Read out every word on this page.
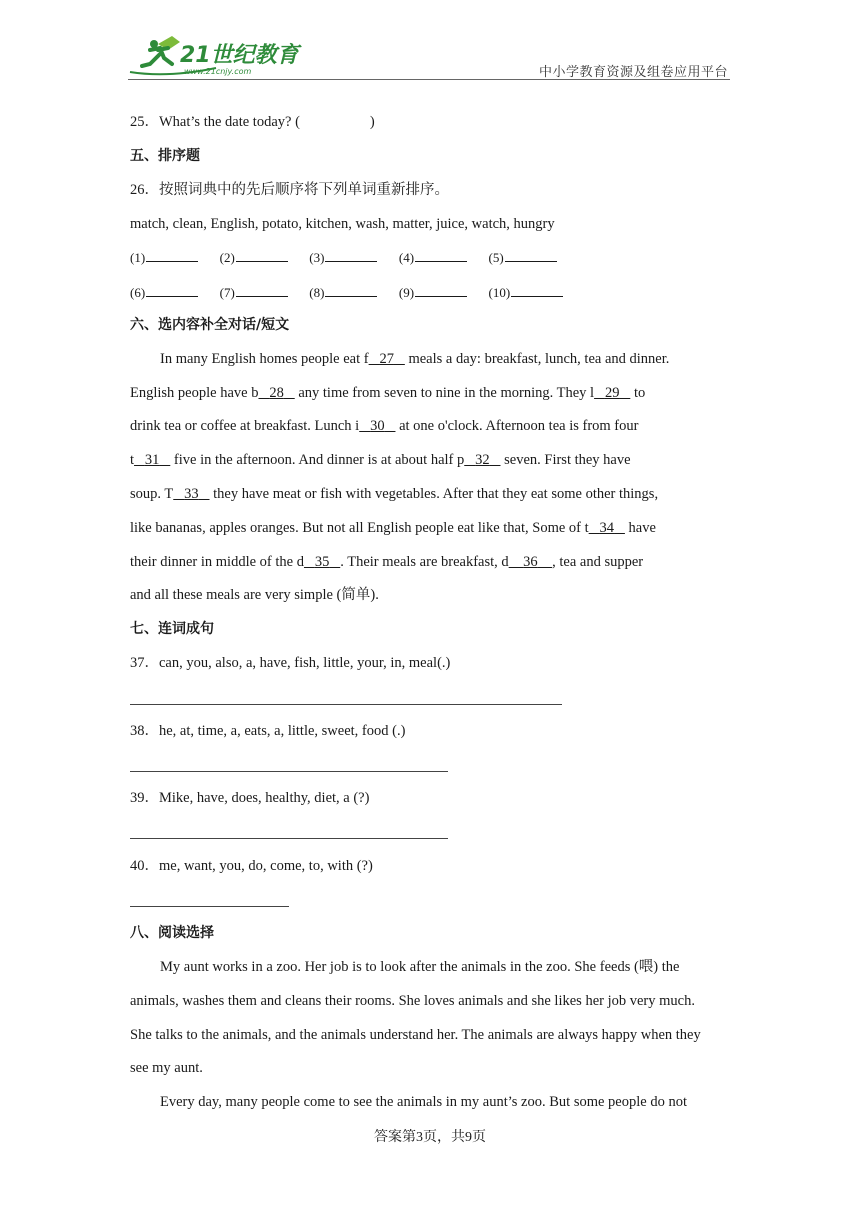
21世纪教育
www.21cnjy.com	中小学教育资源及组卷应用平台
25．What’s the date today? (	)
五、排序题
26．按照词典中的先后顺序将下列单词重新排序。
match, clean, English, potato, kitchen, wash, matter, juice, watch, hungry
(1)	(2)	(3)	(4)	(5)
(6)	(7)	(8)	(9)	(10)
六、选内容补全对话/短文
In many English homes people eat f 27    meals a day: breakfast, lunch, tea and dinner.
English people have b 28    any time from seven to nine in the morning. They l 29    to
drink tea or coffee at breakfast. Lunch i 30    at one o'clock. Afternoon tea is from four
t 31    five in the afternoon. And dinner is at about half p 32    seven. First they have
soup. T 33    they have meat or fish with vegetables. After that they eat some other things,
like bananas, apples oranges. But not all English people eat like that, Some of t 34    have
their dinner in middle of the d 35 . Their meals are breakfast, d 36 , tea and supper
and all these meals are very simple (简单).
七、连词成句
37．can, you, also, a, have, fish, little, your, in, meal(.)
38．he, at, time, a, eats, a, little, sweet, food (.)
39．Mike, have, does, healthy, diet, a (?)
40．me, want, you, do, come, to, with (?)
八、阅读选择
My aunt works in a zoo. Her job is to look after the animals in the zoo. She feeds (喂) the
animals, washes them and cleans their rooms. She loves animals and she likes her job very much.
She talks to the animals, and the animals understand her. The animals are always happy when they
see my aunt.
Every day, many people come to see the animals in my aunt’s zoo. But some people do not
答案第3页，共9页
